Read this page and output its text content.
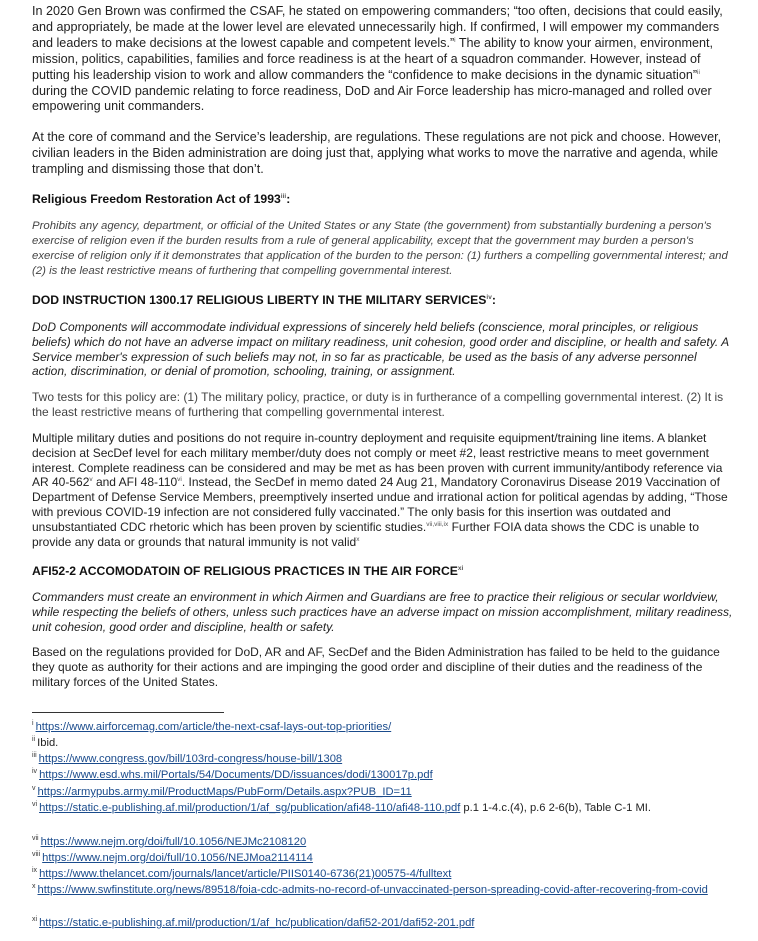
In 2020 Gen Brown was confirmed the CSAF, he stated on empowering commanders; “too often, decisions that could easily, and appropriately, be made at the lower level are elevated unnecessarily high. If confirmed, I will empower my commanders and leaders to make decisions at the lowest capable and competent levels.”$^i$ The ability to know your airmen, environment, mission, politics, capabilities, families and force readiness is at the heart of a squadron commander. However, instead of putting his leadership vision to work and allow commanders the “confidence to make decisions in the dynamic situation”$^{ii}$ during the COVID pandemic relating to force readiness, DoD and Air Force leadership has micro-managed and rolled over empowering unit commanders.

At the core of command and the Service’s leadership, are regulations. These regulations are not pick and choose. However, civilian leaders in the Biden administration are doing just that, applying what works to move the narrative and agenda, while trampling and dismissing those that don’t.

Religious Freedom Restoration Act of 1993$^{iii}$:

Prohibits any agency, department, or official of the United States or any State (the government) from substantially burdening a person's exercise of religion even if the burden results from a rule of general applicability, except that the government may burden a person's exercise of religion only if it demonstrates that application of the burden to the person: (1) furthers a compelling governmental interest; and (2) is the least restrictive means of furthering that compelling governmental interest.

DOD INSTRUCTION 1300.17 RELIGIOUS LIBERTY IN THE MILITARY SERVICES$^{iv}$:

DoD Components will accommodate individual expressions of sincerely held beliefs (conscience, moral principles, or religious beliefs) which do not have an adverse impact on military readiness, unit cohesion, good order and discipline, or health and safety. A Service member's expression of such beliefs may not, in so far as practicable, be used as the basis of any adverse personnel action, discrimination, or denial of promotion, schooling, training, or assignment.

Two tests for this policy are: (1) The military policy, practice, or duty is in furtherance of a compelling governmental interest. (2) It is the least restrictive means of furthering that compelling governmental interest.

Multiple military duties and positions do not require in-country deployment and requisite equipment/training line items. A blanket decision at SecDef level for each military member/duty does not comply or meet #2, least restrictive means to meet government interest. Complete readiness can be considered and may be met as has been proven with current immunity/antibody reference via AR 40-562$^v$ and AFI 48-110$^{vi}$. Instead, the SecDef in memo dated 24 Aug 21, Mandatory Coronavirus Disease 2019 Vaccination of Department of Defense Service Members, preemptively inserted undue and irrational action for political agendas by adding, “Those with previous COVID-19 infection are not considered fully vaccinated.” The only basis for this insertion was outdated and unsubstantiated CDC rhetoric which has been proven by scientific studies.$^{vii,viii,ix}$ Further FOIA data shows the CDC is unable to provide any data or grounds that natural immunity is not valid$^x$

AFI52-2 ACCOMODATOIN OF RELIGIOUS PRACTICES IN THE AIR FORCE$^{xi}$

Commanders must create an environment in which Airmen and Guardians are free to practice their religious or secular worldview, while respecting the beliefs of others, unless such practices have an adverse impact on mission accomplishment, military readiness, unit cohesion, good order and discipline, health or safety.

Based on the regulations provided for DoD, AR and AF, SecDef and the Biden Administration has failed to be held to the guidance they quote as authority for their actions and are impinging the good order and discipline of their duties and the readiness of the military forces of the United States.

$^i$ https://www.airforcemag.com/article/the-next-csaf-lays-out-top-priorities/
$^{ii}$ Ibid.
$^{iii}$ https://www.congress.gov/bill/103rd-congress/house-bill/1308
$^{iv}$ https://www.esd.whs.mil/Portals/54/Documents/DD/issuances/dodi/130017p.pdf
$^v$ https://armypubs.army.mil/ProductMaps/PubForm/Details.aspx?PUB_ID=11
$^{vi}$ https://static.e-publishing.af.mil/production/1/af_sg/publication/afi48-110/afi48-110.pdf p.1 1-4.c.(4), p.6 2-6(b), Table C-1 MI.
$^{vii}$ https://www.nejm.org/doi/full/10.1056/NEJMc2108120
$^{viii}$ https://www.nejm.org/doi/full/10.1056/NEJMoa2114114
$^{ix}$ https://www.thelancet.com/journals/lancet/article/PIIS0140-6736(21)00575-4/fulltext
$^x$ https://www.swfinstitute.org/news/89518/foia-cdc-admits-no-record-of-unvaccinated-person-spreading-covid-after-recovering-from-covid
$^{xi}$ https://static.e-publishing.af.mil/production/1/af_hc/publication/dafi52-201/dafi52-201.pdf
